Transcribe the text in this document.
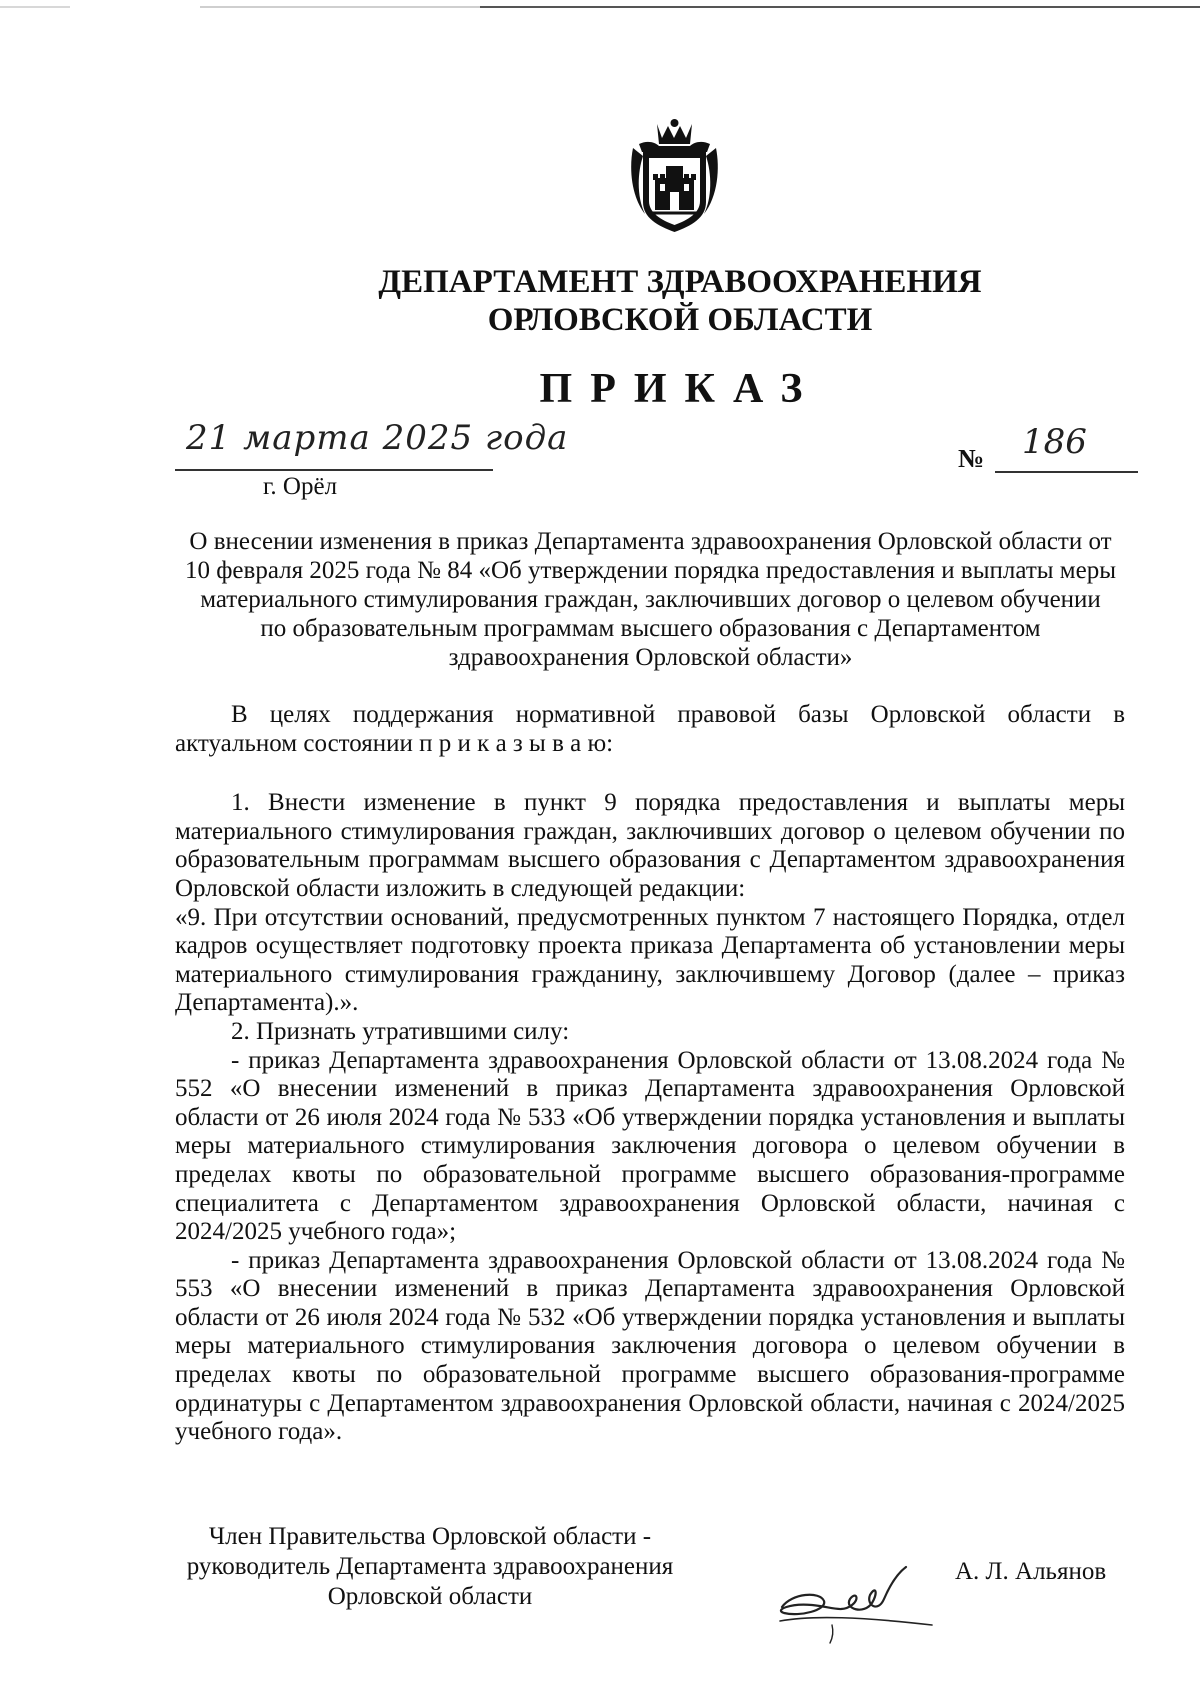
ДЕПАРТАМЕНТ ЗДРАВООХРАНЕНИЯ
ОРЛОВСКОЙ ОБЛАСТИ
ПРИКАЗ
21 марта 2025 года
г. Орёл
№ 186
О внесении изменения в приказ Департамента здравоохранения Орловской области от
10 февраля 2025 года № 84 «Об утверждении порядка предоставления и выплаты меры
материального стимулирования граждан, заключивших договор о целевом обучении
по образовательным программам высшего образования с Департаментом
здравоохранения Орловской области»

В целях поддержания нормативной правовой базы Орловской области в актуальном состоянии п р и к а з ы в а ю:

1. Внести изменение в пункт 9 порядка предоставления и выплаты меры материального стимулирования граждан, заключивших договор о целевом обучении по образовательным программам высшего образования с Департаментом здравоохранения Орловской области изложить в следующей редакции:

«9. При отсутствии оснований, предусмотренных пунктом 7 настоящего Порядка, отдел кадров осуществляет подготовку проекта приказа Департамента об установлении меры материального стимулирования гражданину, заключившему Договор (далее – приказ Департамента).».

2. Признать утратившими силу:

- приказ Департамента здравоохранения Орловской области от 13.08.2024 года № 552 «О внесении изменений в приказ Департамента здравоохранения Орловской области от 26 июля 2024 года № 533 «Об утверждении порядка установления и выплаты меры материального стимулирования заключения договора о целевом обучении в пределах квоты по образовательной программе высшего образования-программе специалитета с Департаментом здравоохранения Орловской области, начиная с 2024/2025 учебного года»;

- приказ Департамента здравоохранения Орловской области от 13.08.2024 года № 553 «О внесении изменений в приказ Департамента здравоохранения Орловской области от 26 июля 2024 года № 532 «Об утверждении порядка установления и выплаты меры материального стимулирования заключения договора о целевом обучении в пределах квоты по образовательной программе высшего образования-программе ординатуры с Департаментом здравоохранения Орловской области, начиная с 2024/2025 учебного года».

Член Правительства Орловской области -
руководитель Департамента здравоохранения
Орловской области
А. Л. Альянов
